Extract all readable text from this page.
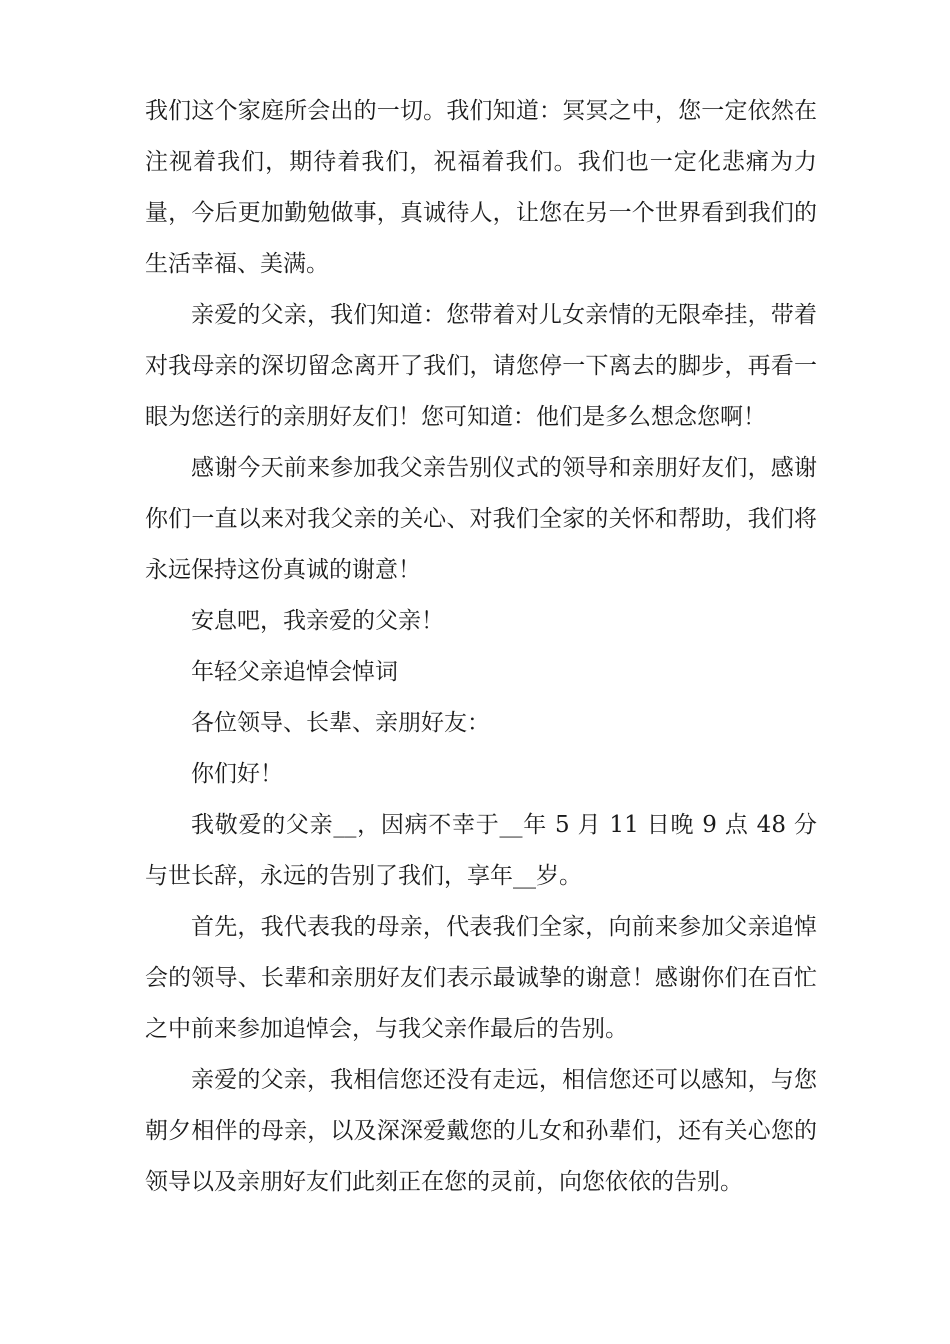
我们这个家庭所会出的一切。我们知道：冥冥之中，您一定依然在注视着我们，期待着我们，祝福着我们。我们也一定化悲痛为力量，今后更加勤勉做事，真诚待人，让您在另一个世界看到我们的生活幸福、美满。

亲爱的父亲，我们知道：您带着对儿女亲情的无限牵挂，带着对我母亲的深切留念离开了我们，请您停一下离去的脚步，再看一眼为您送行的亲朋好友们！您可知道：他们是多么想念您啊！

感谢今天前来参加我父亲告别仪式的领导和亲朋好友们，感谢你们一直以来对我父亲的关心、对我们全家的关怀和帮助，我们将永远保持这份真诚的谢意！

安息吧，我亲爱的父亲！

年轻父亲追悼会悼词

各位领导、长辈、亲朋好友：

你们好！

我敬爱的父亲__，因病不幸于__年 5 月 11 日晚 9 点 48 分与世长辞，永远的告别了我们，享年__岁。

首先，我代表我的母亲，代表我们全家，向前来参加父亲追悼会的领导、长辈和亲朋好友们表示最诚挚的谢意！感谢你们在百忙之中前来参加追悼会，与我父亲作最后的告别。

亲爱的父亲，我相信您还没有走远，相信您还可以感知，与您朝夕相伴的母亲，以及深深爱戴您的儿女和孙辈们，还有关心您的领导以及亲朋好友们此刻正在您的灵前，向您依依的告别。
